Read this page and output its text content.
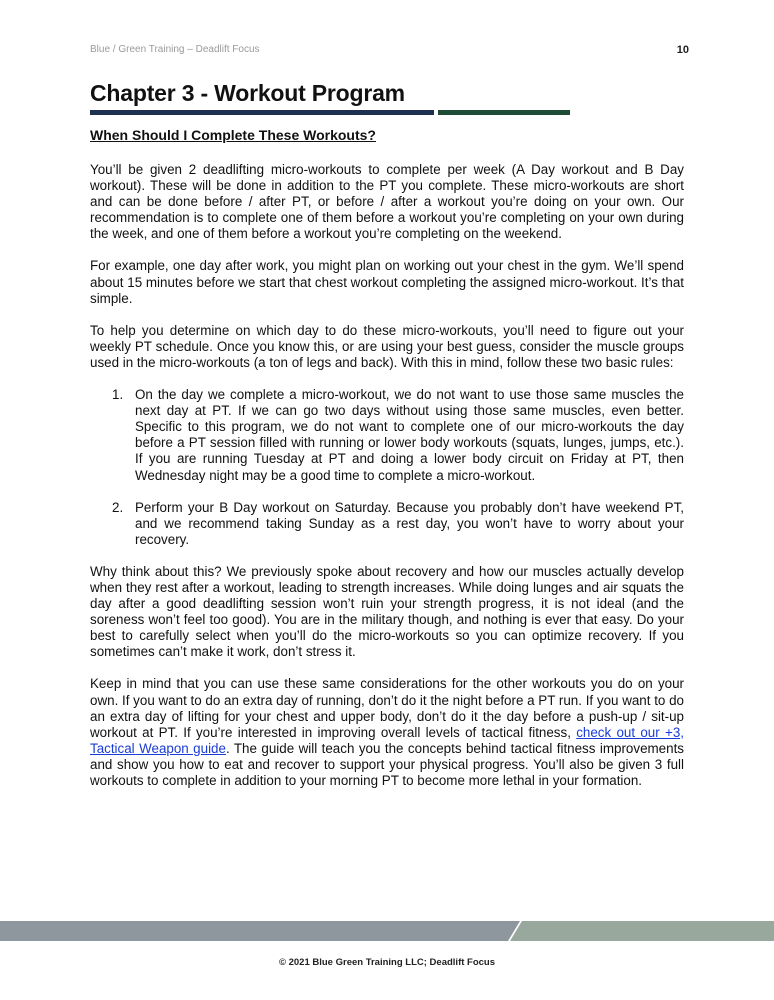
Blue / Green Training – Deadlift Focus	10
Chapter 3 - Workout Program
When Should I Complete These Workouts?

You’ll be given 2 deadlifting micro-workouts to complete per week (A Day workout and B Day workout). These will be done in addition to the PT you complete. These micro-workouts are short and can be done before / after PT, or before / after a workout you’re doing on your own. Our recommendation is to complete one of them before a workout you’re completing on your own during the week, and one of them before a workout you’re completing on the weekend.

For example, one day after work, you might plan on working out your chest in the gym. We’ll spend about 15 minutes before we start that chest workout completing the assigned micro-workout. It’s that simple.

To help you determine on which day to do these micro-workouts, you’ll need to figure out your weekly PT schedule. Once you know this, or are using your best guess, consider the muscle groups used in the micro-workouts (a ton of legs and back). With this in mind, follow these two basic rules:

1. On the day we complete a micro-workout, we do not want to use those same muscles the next day at PT. If we can go two days without using those same muscles, even better. Specific to this program, we do not want to complete one of our micro-workouts the day before a PT session filled with running or lower body workouts (squats, lunges, jumps, etc.). If you are running Tuesday at PT and doing a lower body circuit on Friday at PT, then Wednesday night may be a good time to complete a micro-workout.
2. Perform your B Day workout on Saturday. Because you probably don’t have weekend PT, and we recommend taking Sunday as a rest day, you won’t have to worry about your recovery.

Why think about this? We previously spoke about recovery and how our muscles actually develop when they rest after a workout, leading to strength increases. While doing lunges and air squats the day after a good deadlifting session won’t ruin your strength progress, it is not ideal (and the soreness won’t feel too good). You are in the military though, and nothing is ever that easy. Do your best to carefully select when you’ll do the micro-workouts so you can optimize recovery. If you sometimes can’t make it work, don’t stress it.

Keep in mind that you can use these same considerations for the other workouts you do on your own. If you want to do an extra day of running, don’t do it the night before a PT run. If you want to do an extra day of lifting for your chest and upper body, don’t do it the day before a push-up / sit-up workout at PT. If you’re interested in improving overall levels of tactical fitness, check out our +3, Tactical Weapon guide. The guide will teach you the concepts behind tactical fitness improvements and show you how to eat and recover to support your physical progress. You’ll also be given 3 full workouts to complete in addition to your morning PT to become more lethal in your formation.

© 2021 Blue Green Training LLC; Deadlift Focus
